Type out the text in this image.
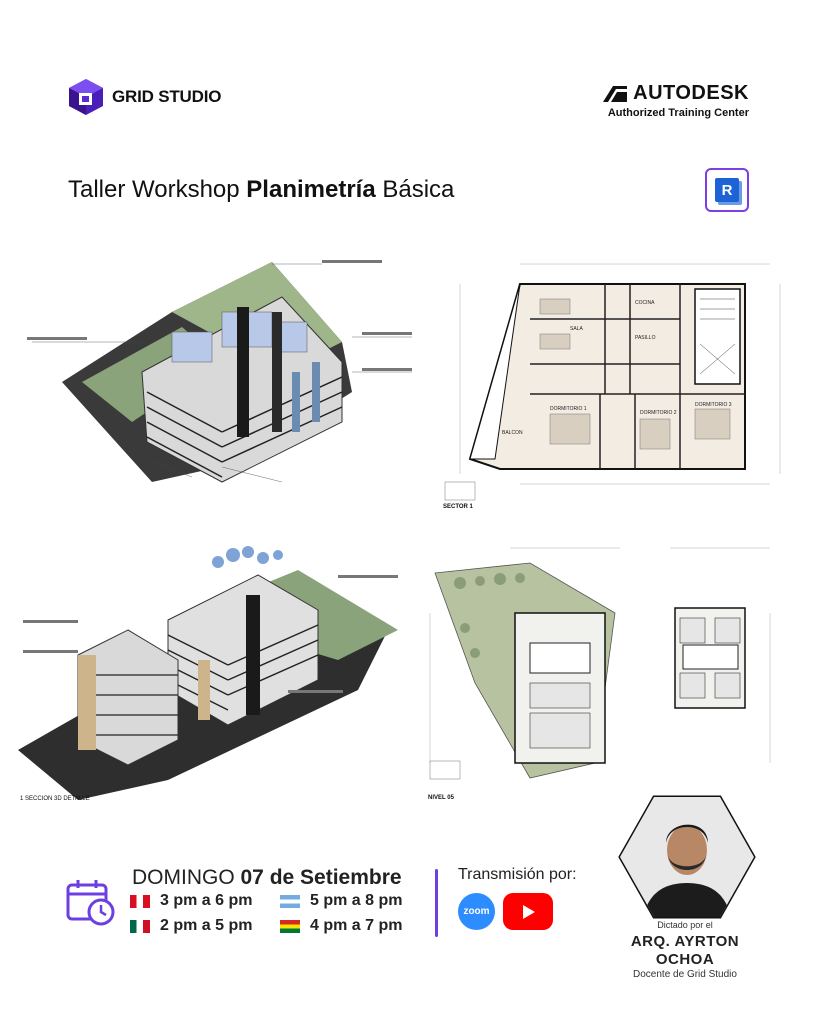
GRID STUDIO	AUTODESK
Authorized Training Center
Taller Workshop Planimetría Básica	R
SALA
COCINA
PASILLO
BALCON
DORMITORIO 1
DORMITORIO 2
DORMITORIO 3
SECTOR 1
1 SECCION 3D DETALLE	NIVEL 05
DOMINGO 07 de Setiembre
3 pm a 6 pm	5 pm a 8 pm
2 pm a 5 pm	4 pm a 7 pm
Transmisión por:
zoom
Dictado por el
ARQ. AYRTON
OCHOA
Docente de Grid Studio
